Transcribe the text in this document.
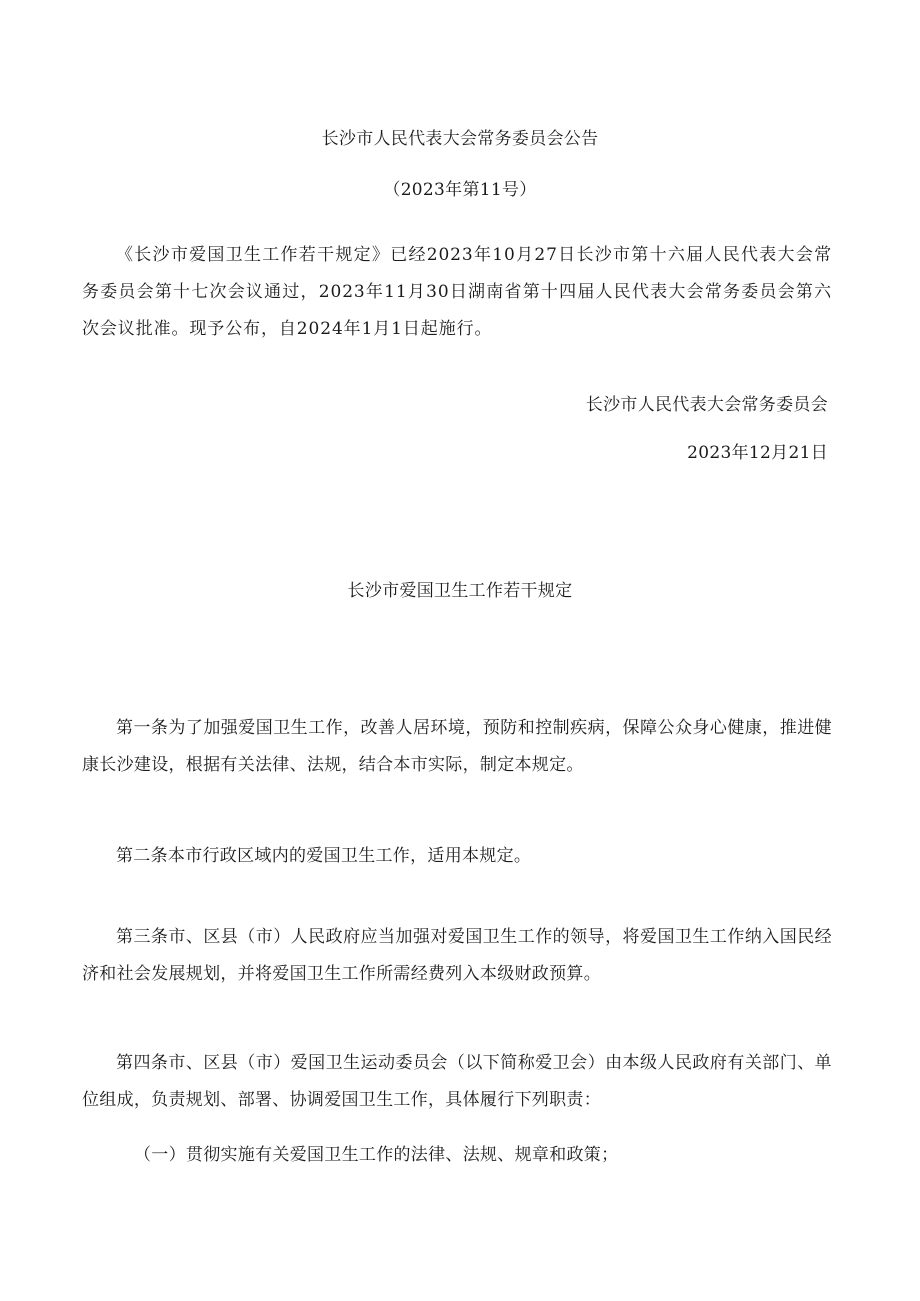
长沙市人民代表大会常务委员会公告
（2023年第11号）
《长沙市爱国卫生工作若干规定》已经2023年10月27日长沙市第十六届人民代表大会常务委员会第十七次会议通过，2023年11月30日湖南省第十四届人民代表大会常务委员会第六次会议批准。现予公布，自2024年1月1日起施行。
长沙市人民代表大会常务委员会
2023年12月21日
长沙市爱国卫生工作若干规定
第一条为了加强爱国卫生工作，改善人居环境，预防和控制疾病，保障公众身心健康，推进健康长沙建设，根据有关法律、法规，结合本市实际，制定本规定。
第二条本市行政区域内的爱国卫生工作，适用本规定。
第三条市、区县（市）人民政府应当加强对爱国卫生工作的领导，将爱国卫生工作纳入国民经济和社会发展规划，并将爱国卫生工作所需经费列入本级财政预算。
第四条市、区县（市）爱国卫生运动委员会（以下简称爱卫会）由本级人民政府有关部门、单位组成，负责规划、部署、协调爱国卫生工作，具体履行下列职责：
（一）贯彻实施有关爱国卫生工作的法律、法规、规章和政策；
